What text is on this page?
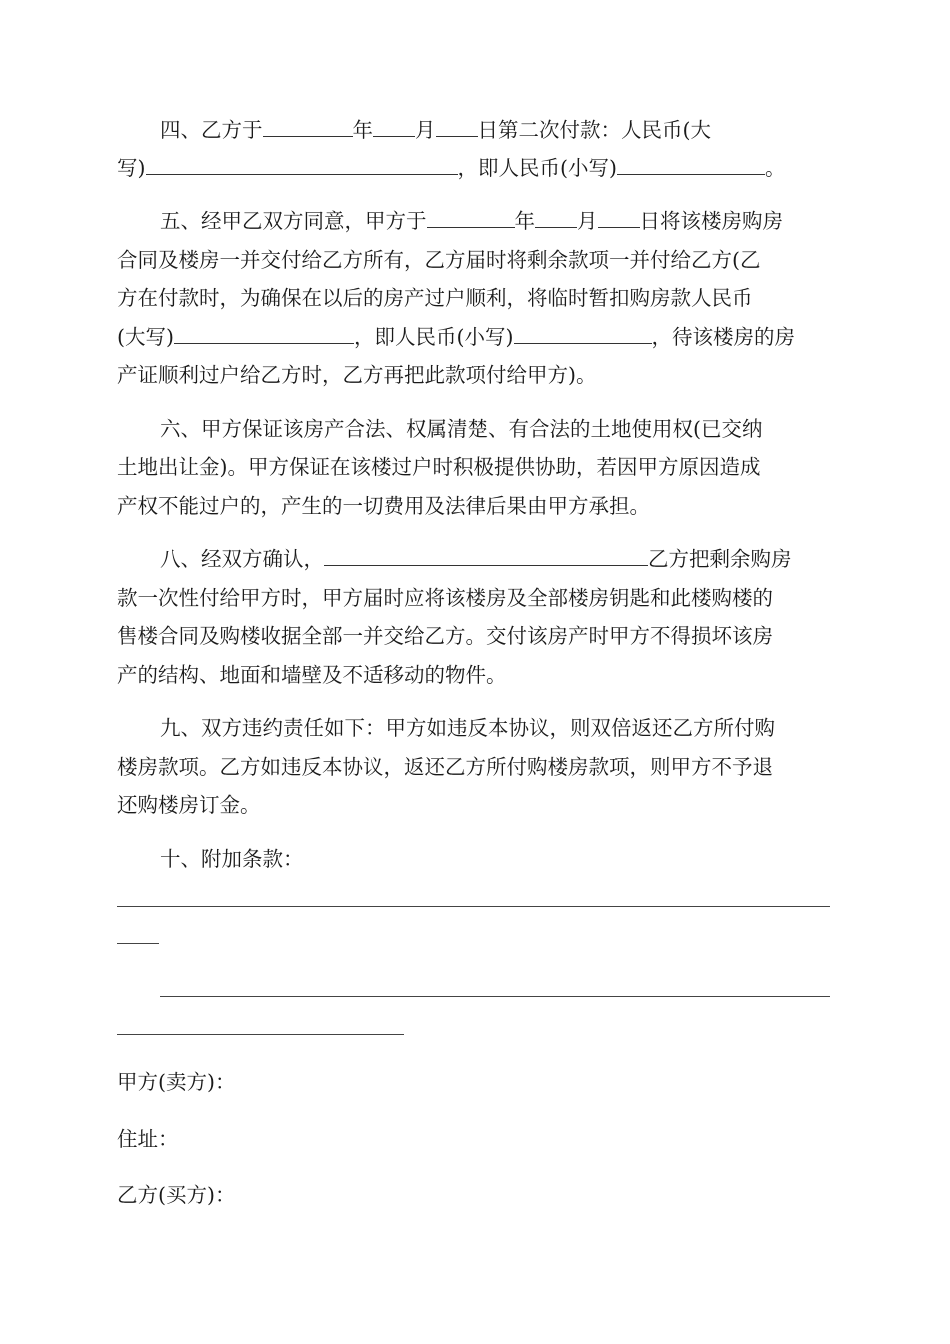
四、乙方于	年 月 日第二次付款：人民币(大
写)	，即人民币(小写)	。
五、经甲乙双方同意，甲方于	年 月 日将该楼房购房
合同及楼房一并交付给乙方所有，乙方届时将剩余款项一并付给乙方(乙
方在付款时，为确保在以后的房产过户顺利，将临时暂扣购房款人民币
(大写)	，即人民币(小写)	，待该楼房的房
产证顺利过户给乙方时，乙方再把此款项付给甲方)。
六、甲方保证该房产合法、权属清楚、有合法的土地使用权(已交纳
土地出让金)。甲方保证在该楼过户时积极提供协助，若因甲方原因造成
产权不能过户的，产生的一切费用及法律后果由甲方承担。
八、经双方确认，	乙方把剩余购房
款一次性付给甲方时，甲方届时应将该楼房及全部楼房钥匙和此楼购楼的
售楼合同及购楼收据全部一并交给乙方。交付该房产时甲方不得损坏该房
产的结构、地面和墙壁及不适移动的物件。
九、双方违约责任如下：甲方如违反本协议，则双倍返还乙方所付购
楼房款项。乙方如违反本协议，返还乙方所付购楼房款项，则甲方不予退
还购楼房订金。
十、附加条款：
甲方(卖方)：
住址：
乙方(买方)：
